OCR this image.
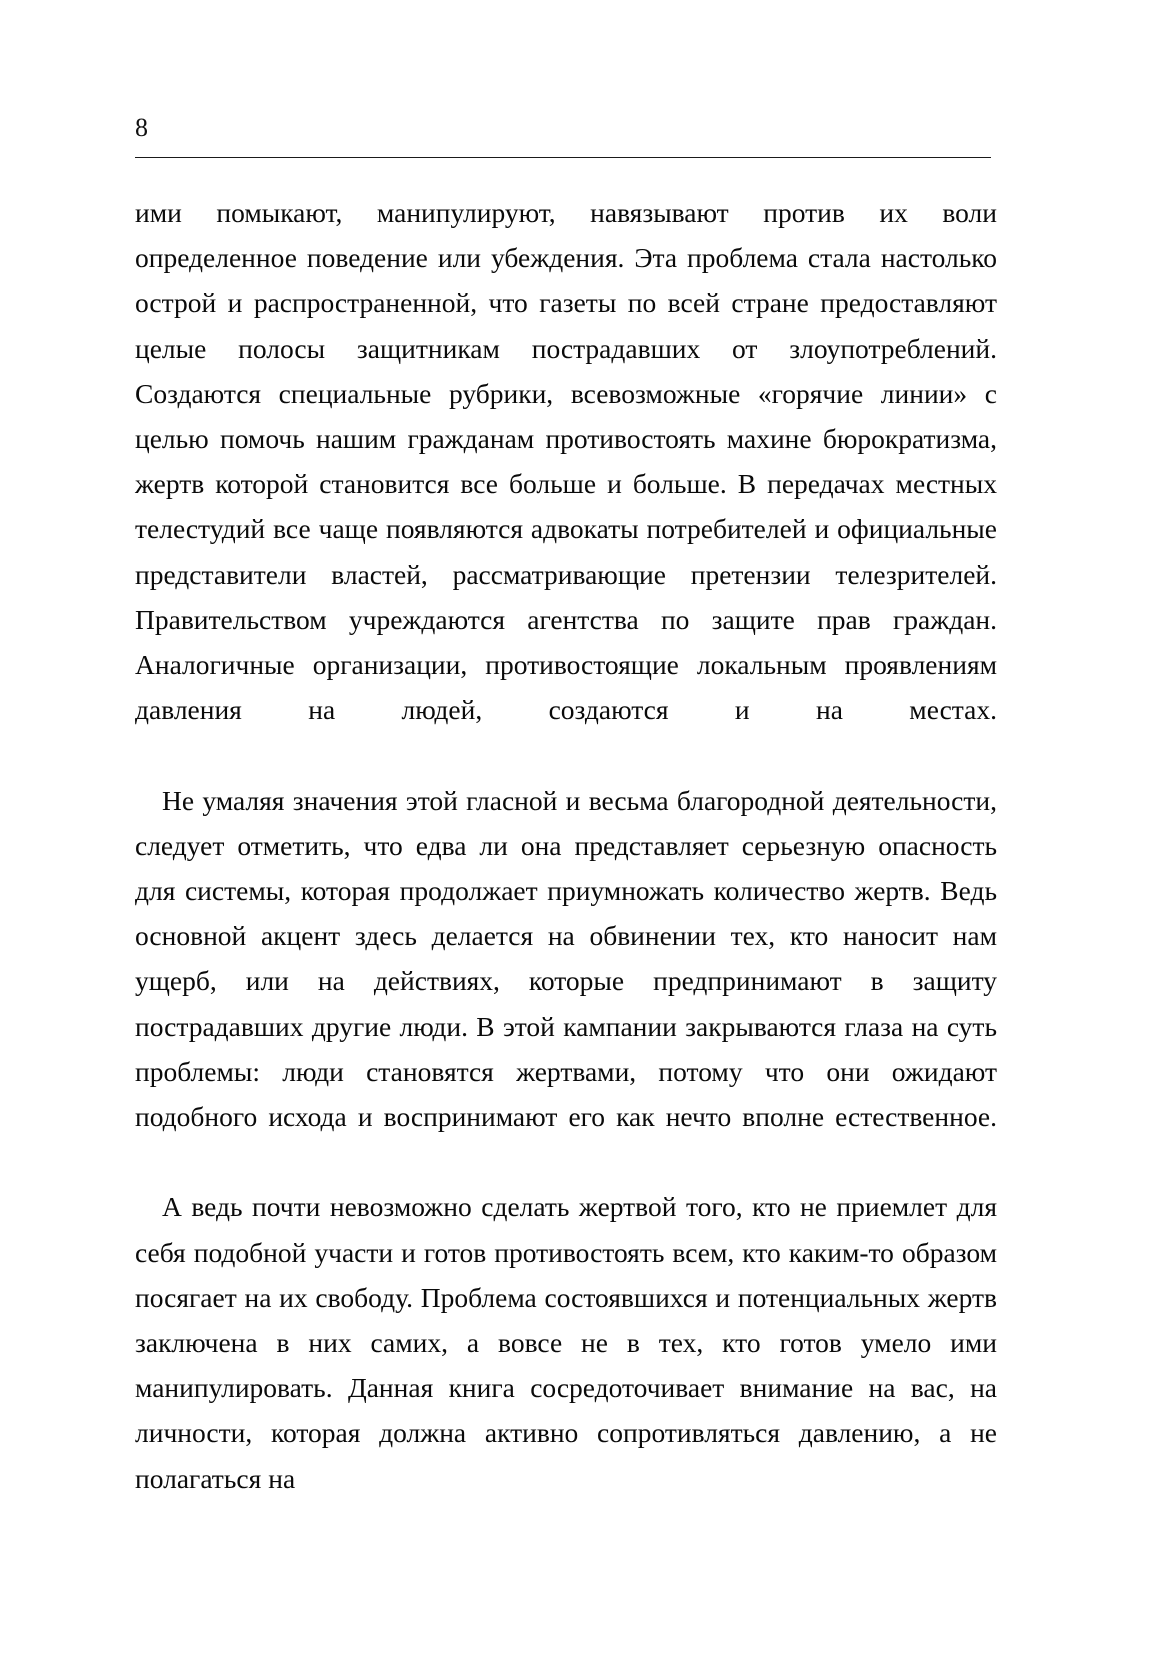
8

ими помыкают, манипулируют, навязывают против их воли определенное поведение или убеждения. Эта проблема стала настолько острой и распространенной, что газеты по всей стране предоставляют целые полосы защитникам пострадавших от злоупотреблений. Создаются специальные рубрики, всевозможные «горячие линии» с целью помочь нашим гражданам противостоять махине бюрократизма, жертв которой становится все больше и больше. В передачах местных телестудий все чаще появляются адвокаты потребителей и официальные представители властей, рассматривающие претензии телезрителей. Правительством учреждаются агентства по защите прав граждан. Аналогичные организации, противостоящие локальным проявлениям давления на людей, создаются и на местах.

Не умаляя значения этой гласной и весьма благородной деятельности, следует отметить, что едва ли она представляет серьезную опасность для системы, которая продолжает приумножать количество жертв. Ведь основной акцент здесь делается на обвинении тех, кто наносит нам ущерб, или на действиях, которые предпринимают в защиту пострадавших другие люди. В этой кампании закрываются глаза на суть проблемы: люди становятся жертвами, потому что они ожидают подобного исхода и воспринимают его как нечто вполне естественное.

А ведь почти невозможно сделать жертвой того, кто не приемлет для себя подобной участи и готов противостоять всем, кто каким-то образом посягает на их свободу. Проблема состоявшихся и потенциальных жертв заключена в них самих, а вовсе не в тех, кто готов умело ими манипулировать. Данная книга сосредоточивает внимание на вас, на личности, которая должна активно сопротивляться давлению, а не полагаться на
